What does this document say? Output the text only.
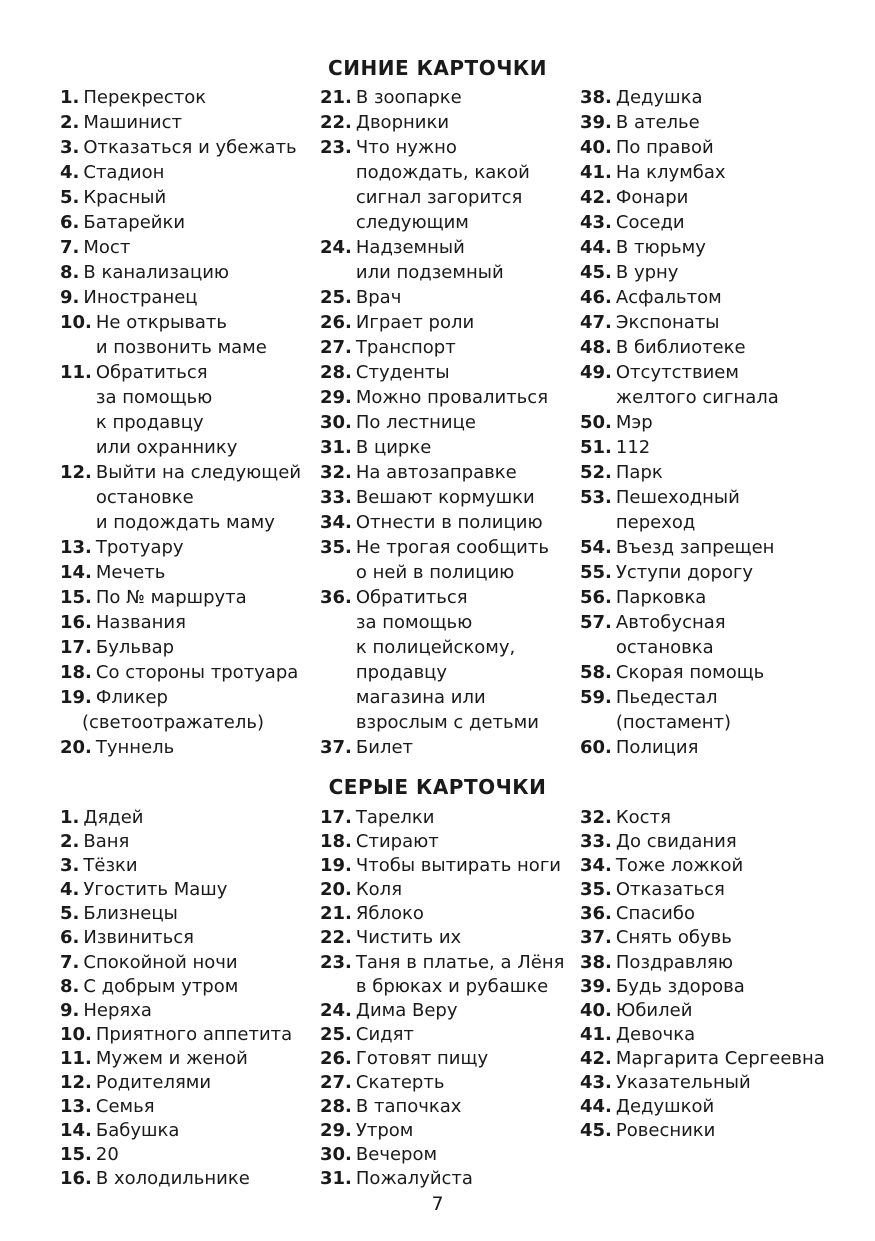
СИНИЕ КАРТОЧКИ
1. Перекресток
2. Машинист
3. Отказаться и убежать
4. Стадион
5. Красный
6. Батарейки
7. Мост
8. В канализацию
9. Иностранец
10. Не открывать
и позвонить маме
11. Обратиться
за помощью
к продавцу
или охраннику
12. Выйти на следующей
остановке
и подождать маму
13. Тротуару
14. Мечеть
15. По № маршрута
16. Названия
17. Бульвар
18. Со стороны тротуара
19. Фликер
(светоотражатель)
20. Туннель
21. В зоопарке
22. Дворники
23. Что нужно
подождать, какой
сигнал загорится
следующим
24. Надземный
или подземный
25. Врач
26. Играет роли
27. Транспорт
28. Студенты
29. Можно провалиться
30. По лестнице
31. В цирке
32. На автозаправке
33. Вешают кормушки
34. Отнести в полицию
35. Не трогая сообщить
о ней в полицию
36. Обратиться
за помощью
к полицейскому,
продавцу
магазина или
взрослым с детьми
37. Билет
38. Дедушка
39. В ателье
40. По правой
41. На клумбах
42. Фонари
43. Соседи
44. В тюрьму
45. В урну
46. Асфальтом
47. Экспонаты
48. В библиотеке
49. Отсутствием
желтого сигнала
50. Мэр
51. 112
52. Парк
53. Пешеходный
переход
54. Въезд запрещен
55. Уступи дорогу
56. Парковка
57. Автобусная
остановка
58. Скорая помощь
59. Пьедестал
(постамент)
60. Полиция
СЕРЫЕ КАРТОЧКИ
1. Дядей
2. Ваня
3. Тёзки
4. Угостить Машу
5. Близнецы
6. Извиниться
7. Спокойной ночи
8. С добрым утром
9. Неряха
10. Приятного аппетита
11. Мужем и женой
12. Родителями
13. Семья
14. Бабушка
15. 20
16. В холодильнике
17. Тарелки
18. Стирают
19. Чтобы вытирать ноги
20. Коля
21. Яблоко
22. Чистить их
23. Таня в платье, а Лёня
в брюках и рубашке
24. Дима Веру
25. Сидят
26. Готовят пищу
27. Скатерть
28. В тапочках
29. Утром
30. Вечером
31. Пожалуйста
32. Костя
33. До свидания
34. Тоже ложкой
35. Отказаться
36. Спасибо
37. Снять обувь
38. Поздравляю
39. Будь здорова
40. Юбилей
41. Девочка
42. Маргарита Сергеевна
43. Указательный
44. Дедушкой
45. Ровесники
7
